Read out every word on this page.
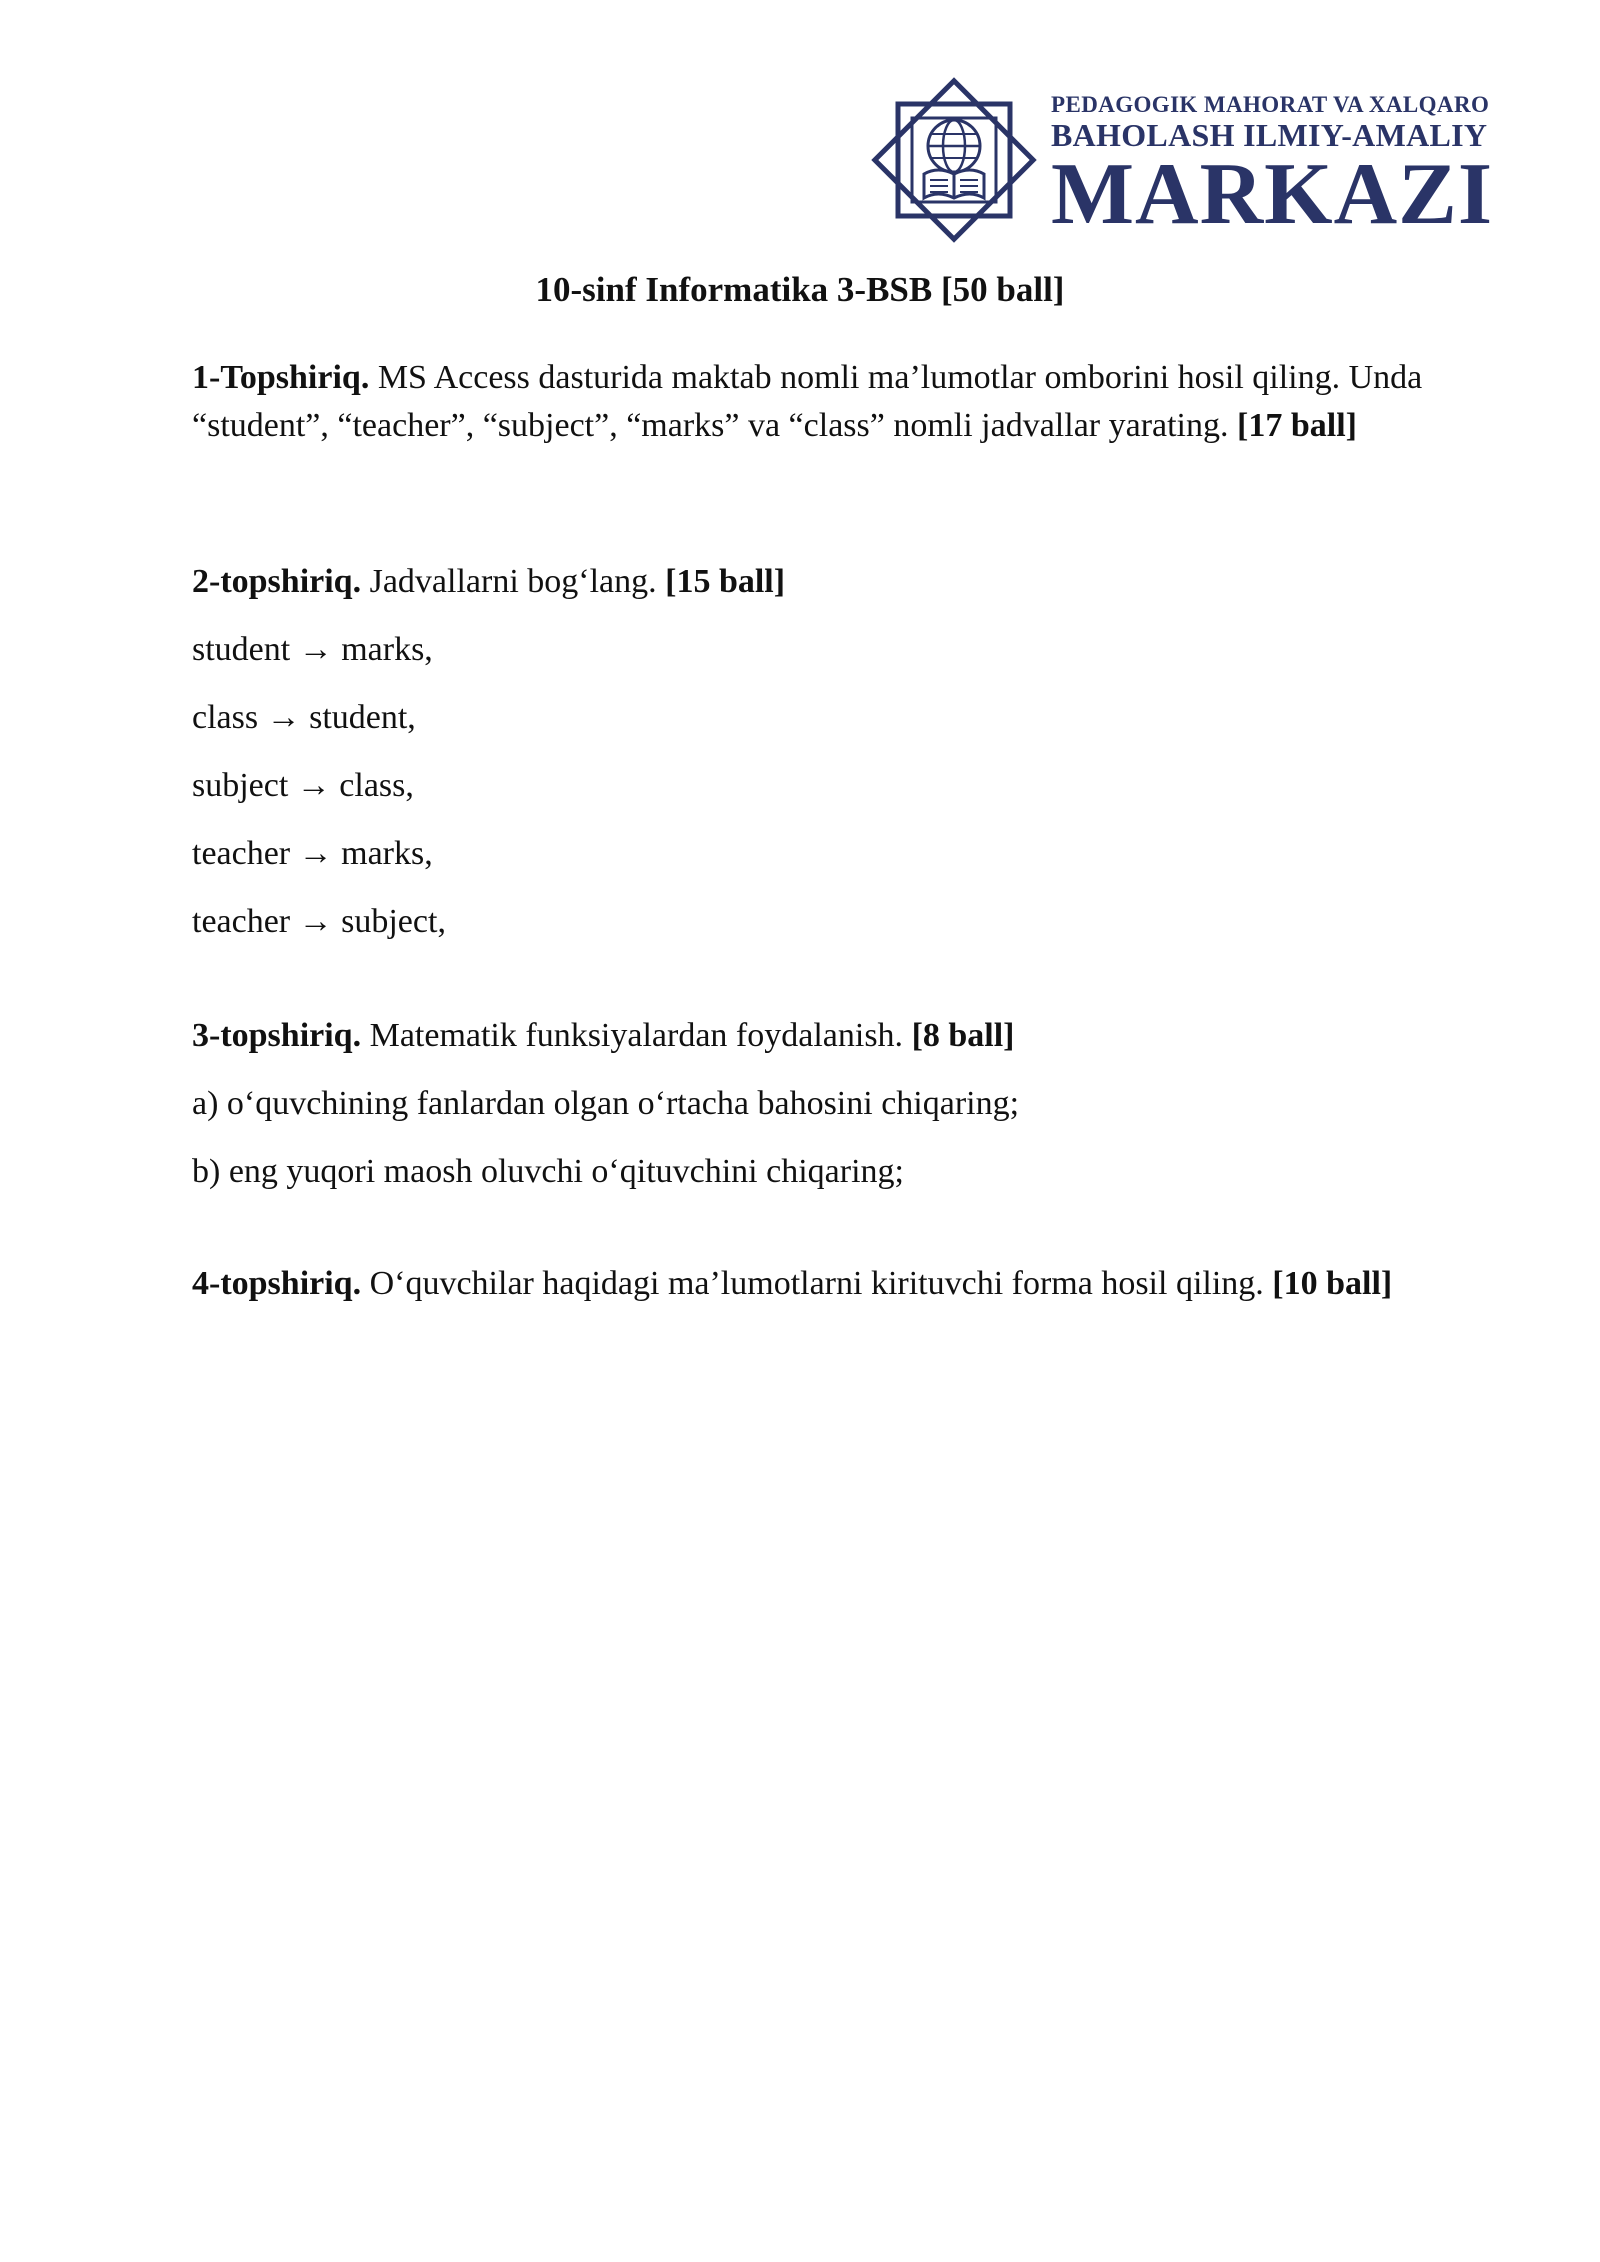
PEDAGOGIK MAHORAT VA XALQARO
BAHOLASH ILMIY-AMALIY
MARKAZI
10-sinf Informatika 3-BSB [50 ball]

1-Topshiriq. MS Access dasturida maktab nomli ma’lumotlar omborini hosil qiling. Unda “student”, “teacher”, “subject”, “marks” va “class” nomli jadvallar yarating. [17 ball]

2-topshiriq. Jadvallarni bog‘lang. [15 ball]

student → marks,
class → student,
subject → class,
teacher → marks,
teacher → subject,

3-topshiriq. Matematik funksiyalardan foydalanish. [8 ball]

a) o‘quvchining fanlardan olgan o‘rtacha bahosini chiqaring;
b) eng yuqori maosh oluvchi o‘qituvchini chiqaring;

4-topshiriq. O‘quvchilar haqidagi ma’lumotlarni kirituvchi forma hosil qiling. [10 ball]
